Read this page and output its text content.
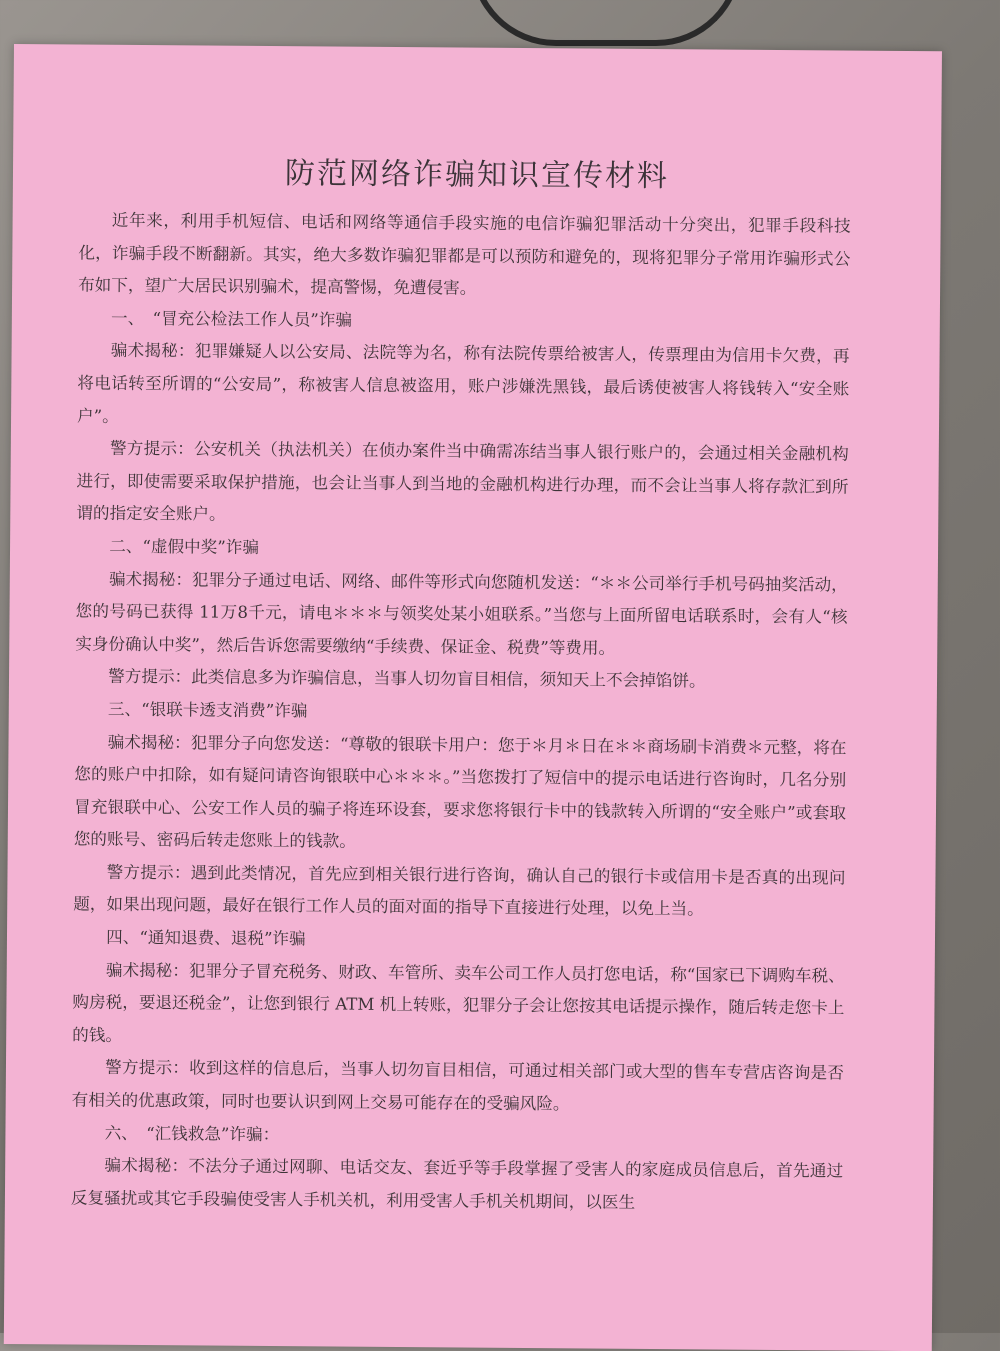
防范网络诈骗知识宣传材料

近年来，利用手机短信、电话和网络等通信手段实施的电信诈骗犯罪活动十分突出，犯罪手段科技化，诈骗手段不断翻新。其实，绝大多数诈骗犯罪都是可以预防和避免的，现将犯罪分子常用诈骗形式公布如下，望广大居民识别骗术，提高警惕，免遭侵害。

一、　“冒充公检法工作人员”诈骗

骗术揭秘：犯罪嫌疑人以公安局、法院等为名，称有法院传票给被害人，传票理由为信用卡欠费，再将电话转至所谓的“公安局”，称被害人信息被盗用，账户涉嫌洗黑钱，最后诱使被害人将钱转入“安全账户”。

警方提示：公安机关（执法机关）在侦办案件当中确需冻结当事人银行账户的，会通过相关金融机构进行，即使需要采取保护措施，也会让当事人到当地的金融机构进行办理，而不会让当事人将存款汇到所谓的指定安全账户。

二、“虚假中奖”诈骗

骗术揭秘：犯罪分子通过电话、网络、邮件等形式向您随机发送：“＊＊公司举行手机号码抽奖活动，您的号码已获得 11万8千元，请电＊＊＊与领奖处某小姐联系。”当您与上面所留电话联系时，会有人“核实身份确认中奖”，然后告诉您需要缴纳“手续费、保证金、税费”等费用。

警方提示：此类信息多为诈骗信息，当事人切勿盲目相信，须知天上不会掉馅饼。

三、“银联卡透支消费”诈骗

骗术揭秘：犯罪分子向您发送：“尊敬的银联卡用户：您于＊月＊日在＊＊商场刷卡消费＊元整，将在您的账户中扣除，如有疑问请咨询银联中心＊＊＊。”当您拨打了短信中的提示电话进行咨询时，几名分别冒充银联中心、公安工作人员的骗子将连环设套，要求您将银行卡中的钱款转入所谓的“安全账户”或套取您的账号、密码后转走您账上的钱款。

警方提示：遇到此类情况，首先应到相关银行进行咨询，确认自己的银行卡或信用卡是否真的出现问题，如果出现问题，最好在银行工作人员的面对面的指导下直接进行处理，以免上当。

四、“通知退费、退税”诈骗

骗术揭秘：犯罪分子冒充税务、财政、车管所、卖车公司工作人员打您电话，称“国家已下调购车税、购房税，要退还税金”，让您到银行 ATM 机上转账，犯罪分子会让您按其电话提示操作，随后转走您卡上的钱。

警方提示：收到这样的信息后，当事人切勿盲目相信，可通过相关部门或大型的售车专营店咨询是否有相关的优惠政策，同时也要认识到网上交易可能存在的受骗风险。

六、　“汇钱救急”诈骗：

骗术揭秘：不法分子通过网聊、电话交友、套近乎等手段掌握了受害人的家庭成员信息后，首先通过反复骚扰或其它手段骗使受害人手机关机，利用受害人手机关机期间，以医生
